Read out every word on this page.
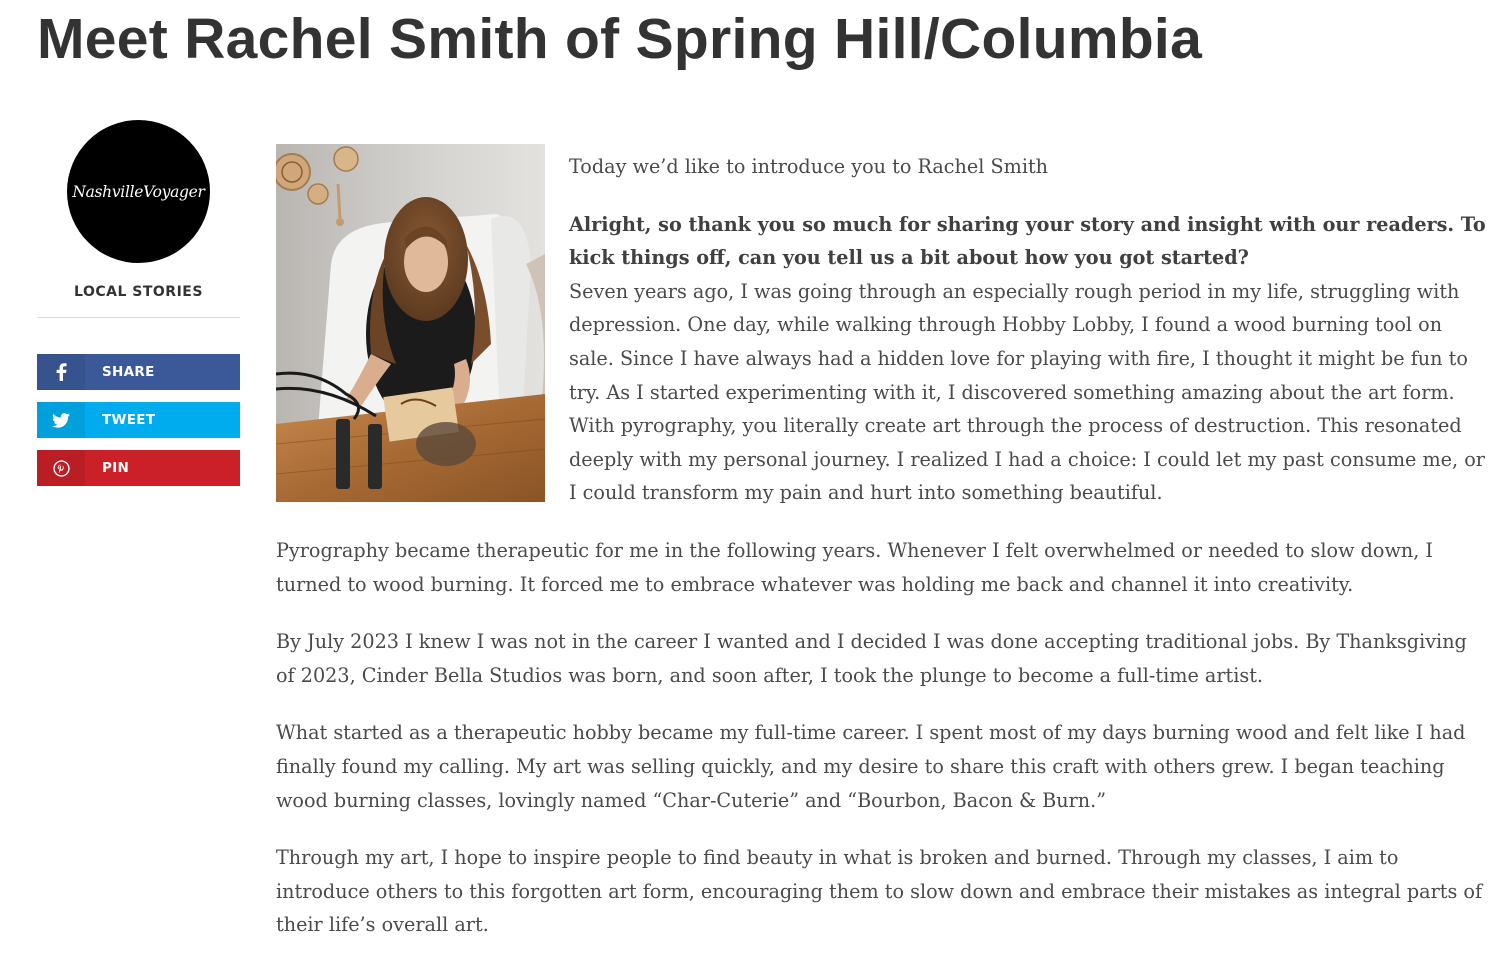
Meet Rachel Smith of Spring Hill/Columbia
NashvilleVoyager
LOCAL STORIES
SHARE
TWEET
PIN

Today we’d like to introduce you to Rachel Smith

Alright, so thank you so much for sharing your story and insight with our readers. To kick things off, can you tell us a bit about how you got started?

Seven years ago, I was going through an especially rough period in my life, struggling with depression. One day, while walking through Hobby Lobby, I found a wood burning tool on sale. Since I have always had a hidden love for playing with fire, I thought it might be fun to try. As I started experimenting with it, I discovered something amazing about the art form. With pyrography, you literally create art through the process of destruction. This resonated deeply with my personal journey. I realized I had a choice: I could let my past consume me, or I could transform my pain and hurt into something beautiful.

Pyrography became therapeutic for me in the following years. Whenever I felt overwhelmed or needed to slow down, I turned to wood burning. It forced me to embrace whatever was holding me back and channel it into creativity.

By July 2023 I knew I was not in the career I wanted and I decided I was done accepting traditional jobs. By Thanksgiving of 2023, Cinder Bella Studios was born, and soon after, I took the plunge to become a full-time artist.

What started as a therapeutic hobby became my full-time career. I spent most of my days burning wood and felt like I had finally found my calling. My art was selling quickly, and my desire to share this craft with others grew. I began teaching wood burning classes, lovingly named “Char-Cuterie” and “Bourbon, Bacon & Burn.”

Through my art, I hope to inspire people to find beauty in what is broken and burned. Through my classes, I aim to introduce others to this forgotten art form, encouraging them to slow down and embrace their mistakes as integral parts of their life’s overall art.
